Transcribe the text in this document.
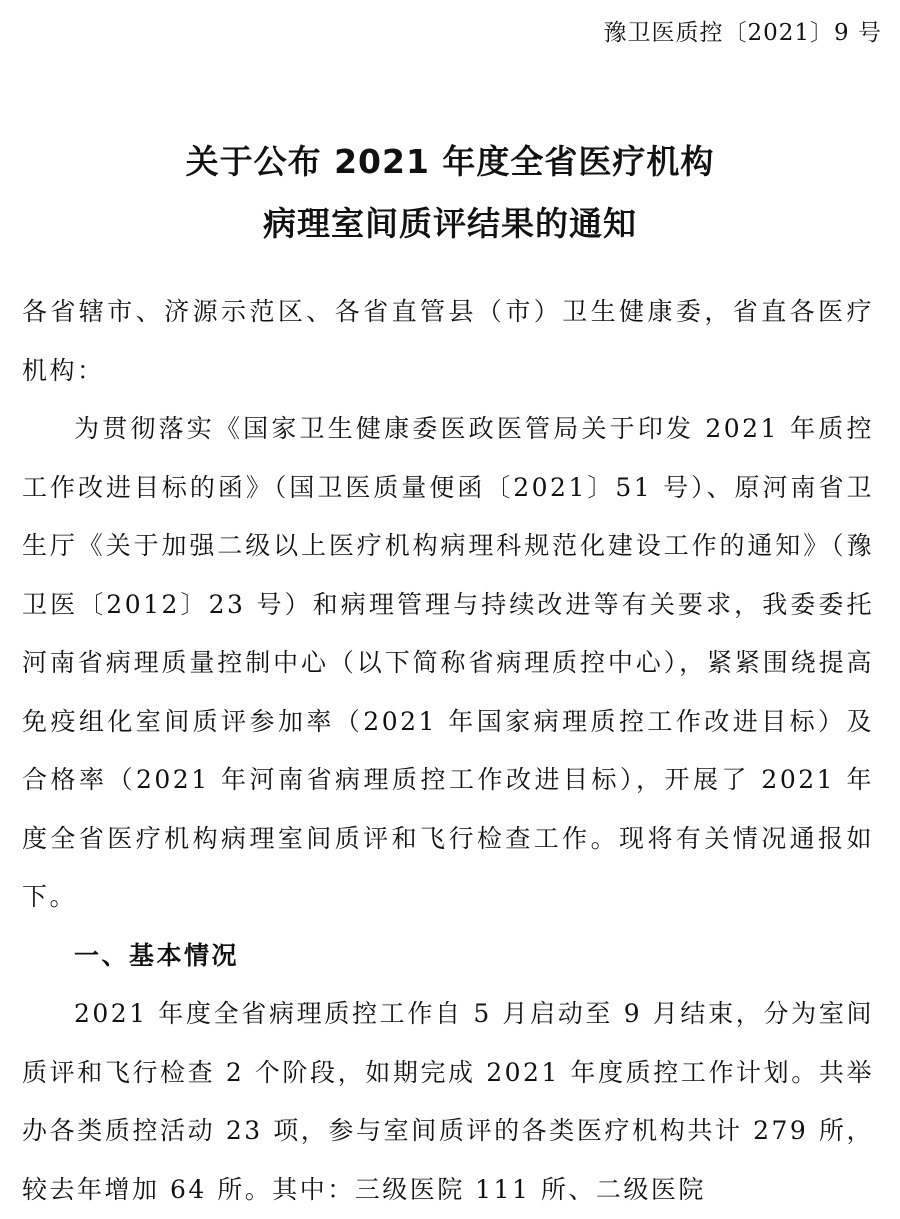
豫卫医质控〔2021〕9 号
关于公布 2021 年度全省医疗机构
病理室间质评结果的通知

各省辖市、济源示范区、各省直管县（市）卫生健康委，省直各医疗机构：

为贯彻落实《国家卫生健康委医政医管局关于印发 2021 年质控工作改进目标的函》（国卫医质量便函〔2021〕51 号）、原河南省卫生厅《关于加强二级以上医疗机构病理科规范化建设工作的通知》（豫卫医〔2012〕23 号）和病理管理与持续改进等有关要求，我委委托河南省病理质量控制中心（以下简称省病理质控中心），紧紧围绕提高免疫组化室间质评参加率（2021 年国家病理质控工作改进目标）及合格率（2021 年河南省病理质控工作改进目标），开展了 2021 年度全省医疗机构病理室间质评和飞行检查工作。现将有关情况通报如下。

一、基本情况

2021 年度全省病理质控工作自 5 月启动至 9 月结束，分为室间质评和飞行检查 2 个阶段，如期完成 2021 年度质控工作计划。共举办各类质控活动 23 项，参与室间质评的各类医疗机构共计 279 所，较去年增加 64 所。其中：三级医院 111 所、二级医院
